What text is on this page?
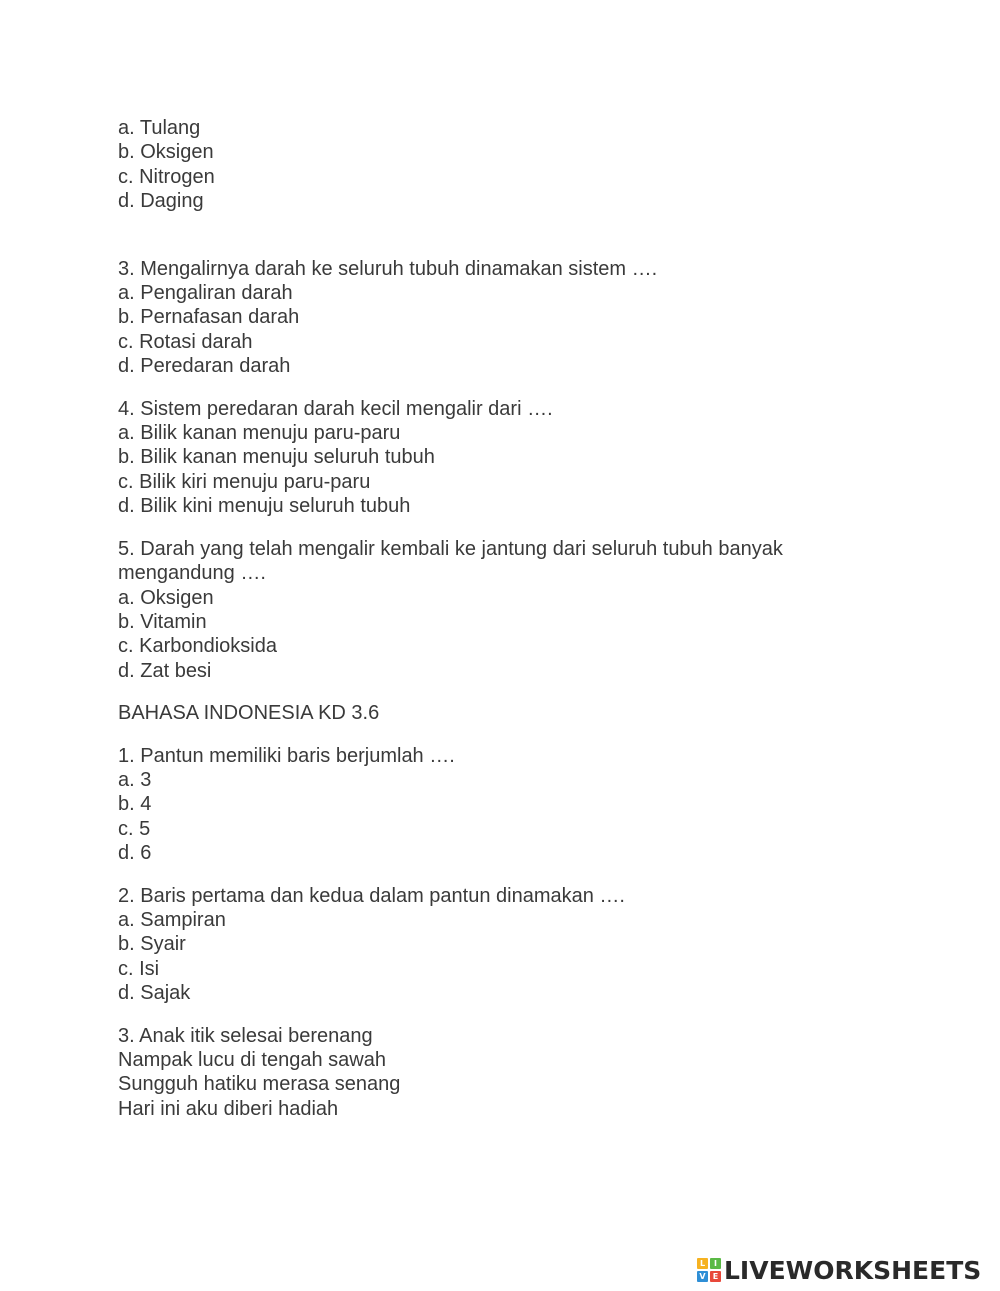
a. Tulang
b. Oksigen
c. Nitrogen
d. Daging
3. Mengalirnya darah ke seluruh tubuh dinamakan sistem ….
a. Pengaliran darah
b. Pernafasan darah
c. Rotasi darah
d. Peredaran darah
4. Sistem peredaran darah kecil mengalir dari ….
a. Bilik kanan menuju paru-paru
b. Bilik kanan menuju seluruh tubuh
c. Bilik kiri menuju paru-paru
d. Bilik kini menuju seluruh tubuh
5. Darah yang telah mengalir kembali ke jantung dari seluruh tubuh banyak
mengandung ….
a. Oksigen
b. Vitamin
c. Karbondioksida
d. Zat besi
BAHASA INDONESIA KD 3.6
1. Pantun memiliki baris berjumlah ….
a. 3
b. 4
c. 5
d. 6
2. Baris pertama dan kedua dalam pantun dinamakan ….
a. Sampiran
b. Syair
c. Isi
d. Sajak
3. Anak itik selesai berenang
Nampak lucu di tengah sawah
Sungguh hatiku merasa senang
Hari ini aku diberi hadiah
L	I
V E LIVEWORKSHEETS
